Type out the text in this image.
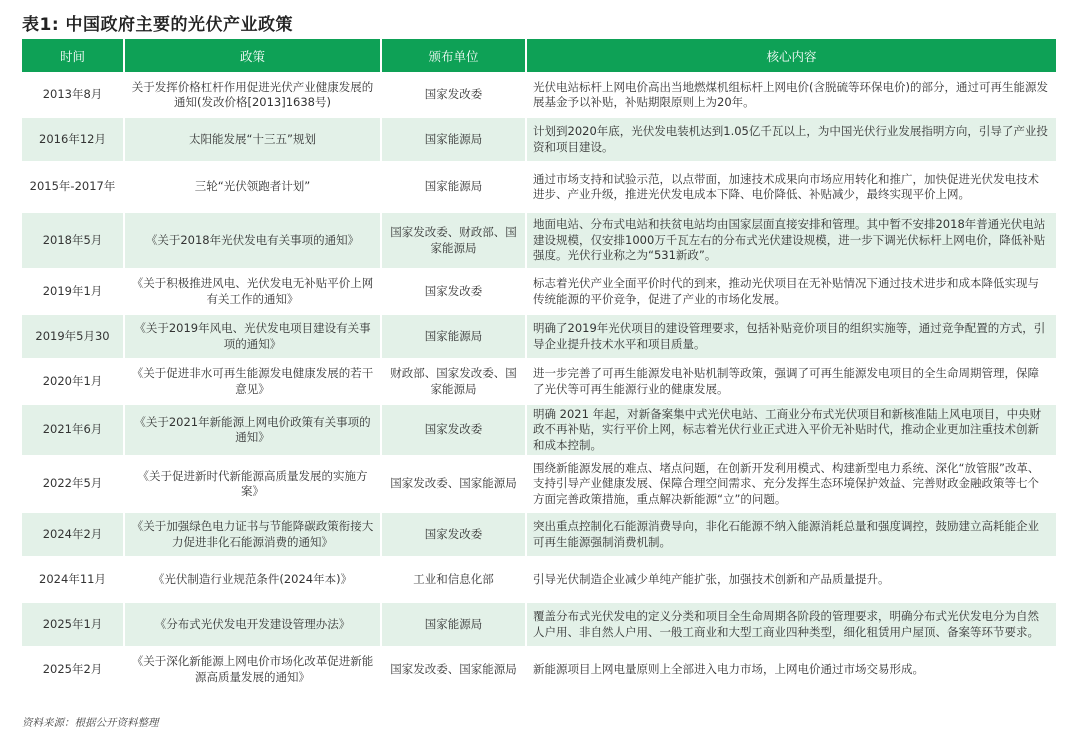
表1: 中国政府主要的光伏产业政策
时间	政策	颁布单位	核心内容
2013年8月	关于发挥价格杠杆作用促进光伏产业健康发展的通知(发改价格[2013]1638号)	国家发改委	光伏电站标杆上网电价高出当地燃煤机组标杆上网电价(含脱硫等环保电价)的部分，通过可再生能源发展基金予以补贴，补贴期限原则上为20年。
2016年12月	太阳能发展“十三五”规划	国家能源局	计划到2020年底，光伏发电装机达到1.05亿千瓦以上，为中国光伏行业发展指明方向，引导了产业投资和项目建设。
2015年-2017年	三轮“光伏领跑者计划”	国家能源局	通过市场支持和试验示范，以点带面，加速技术成果向市场应用转化和推广，加快促进光伏发电技术进步、产业升级，推进光伏发电成本下降、电价降低、补贴减少，最终实现平价上网。
2018年5月	《关于2018年光伏发电有关事项的通知》	国家发改委、财政部、国家能源局	地面电站、分布式电站和扶贫电站均由国家层面直接安排和管理。其中暂不安排2018年普通光伏电站建设规模，仅安排1000万千瓦左右的分布式光伏建设规模，进一步下调光伏标杆上网电价，降低补贴强度。光伏行业称之为“531新政”。
2019年1月	《关于积极推进风电、光伏发电无补贴平价上网有关工作的通知》	国家发改委	标志着光伏产业全面平价时代的到来，推动光伏项目在无补贴情况下通过技术进步和成本降低实现与传统能源的平价竞争，促进了产业的市场化发展。
2019年5月30	《关于2019年风电、光伏发电项目建设有关事项的通知》	国家能源局	明确了2019年光伏项目的建设管理要求，包括补贴竞价项目的组织实施等，通过竞争配置的方式，引导企业提升技术水平和项目质量。
2020年1月	《关于促进非水可再生能源发电健康发展的若干意见》	财政部、国家发改委、国家能源局	进一步完善了可再生能源发电补贴机制等政策，强调了可再生能源发电项目的全生命周期管理，保障了光伏等可再生能源行业的健康发展。
2021年6月	《关于2021年新能源上网电价政策有关事项的通知》	国家发改委	明确 2021 年起，对新备案集中式光伏电站、工商业分布式光伏项目和新核准陆上风电项目，中央财政不再补贴，实行平价上网，标志着光伏行业正式进入平价无补贴时代，推动企业更加注重技术创新和成本控制。
2022年5月	《关于促进新时代新能源高质量发展的实施方案》	国家发改委、国家能源局	围绕新能源发展的难点、堵点问题，在创新开发利用模式、构建新型电力系统、深化“放管服”改革、支持引导产业健康发展、保障合理空间需求、充分发挥生态环境保护效益、完善财政金融政策等七个方面完善政策措施，重点解决新能源“立”的问题。
2024年2月	《关于加强绿色电力证书与节能降碳政策衔接大力促进非化石能源消费的通知》	国家发改委	突出重点控制化石能源消费导向，非化石能源不纳入能源消耗总量和强度调控，鼓励建立高耗能企业可再生能源强制消费机制。
2024年11月	《光伏制造行业规范条件(2024年本)》	工业和信息化部	引导光伏制造企业减少单纯产能扩张，加强技术创新和产品质量提升。
2025年1月	《分布式光伏发电开发建设管理办法》	国家能源局	覆盖分布式光伏发电的定义分类和项目全生命周期各阶段的管理要求，明确分布式光伏发电分为自然人户用、非自然人户用、一般工商业和大型工商业四种类型，细化租赁用户屋顶、备案等环节要求。
2025年2月	《关于深化新能源上网电价市场化改革促进新能源高质量发展的通知》	国家发改委、国家能源局	新能源项目上网电量原则上全部进入电力市场，上网电价通过市场交易形成。
资料来源：根据公开资料整理
